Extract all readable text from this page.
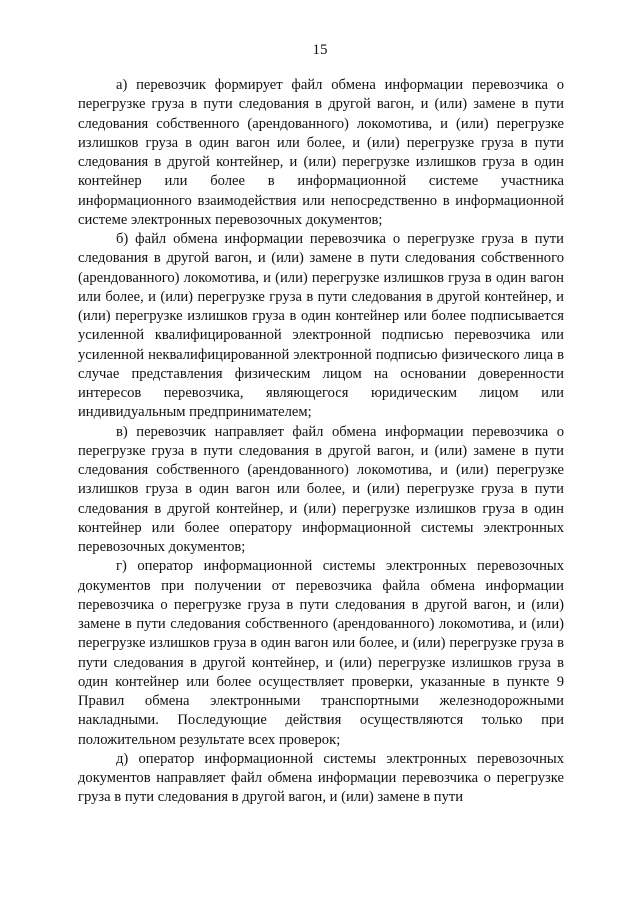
15

а) перевозчик формирует файл обмена информации перевозчика о перегрузке груза в пути следования в другой вагон, и (или) замене в пути следования собственного (арендованного) локомотива, и (или) перегрузке излишков груза в один вагон или более, и (или) перегрузке груза в пути следования в другой контейнер, и (или) перегрузке излишков груза в один контейнер или более в информационной системе участника информационного взаимодействия или непосредственно в информационной системе электронных перевозочных документов;

б) файл обмена информации перевозчика о перегрузке груза в пути следования в другой вагон, и (или) замене в пути следования собственного (арендованного) локомотива, и (или) перегрузке излишков груза в один вагон или более, и (или) перегрузке груза в пути следования в другой контейнер, и (или) перегрузке излишков груза в один контейнер или более подписывается усиленной квалифицированной электронной подписью перевозчика или усиленной неквалифицированной электронной подписью физического лица в случае представления физическим лицом на основании доверенности интересов перевозчика, являющегося юридическим лицом или индивидуальным предпринимателем;

в) перевозчик направляет файл обмена информации перевозчика о перегрузке груза в пути следования в другой вагон, и (или) замене в пути следования собственного (арендованного) локомотива, и (или) перегрузке излишков груза в один вагон или более, и (или) перегрузке груза в пути следования в другой контейнер, и (или) перегрузке излишков груза в один контейнер или более оператору информационной системы электронных перевозочных документов;

г) оператор информационной системы электронных перевозочных документов при получении от перевозчика файла обмена информации перевозчика о перегрузке груза в пути следования в другой вагон, и (или) замене в пути следования собственного (арендованного) локомотива, и (или) перегрузке излишков груза в один вагон или более, и (или) перегрузке груза в пути следования в другой контейнер, и (или) перегрузке излишков груза в один контейнер или более осуществляет проверки, указанные в пункте 9 Правил обмена электронными транспортными железнодорожными накладными. Последующие действия осуществляются только при положительном результате всех проверок;

д) оператор информационной системы электронных перевозочных документов направляет файл обмена информации перевозчика о перегрузке груза в пути следования в другой вагон, и (или) замене в пути
